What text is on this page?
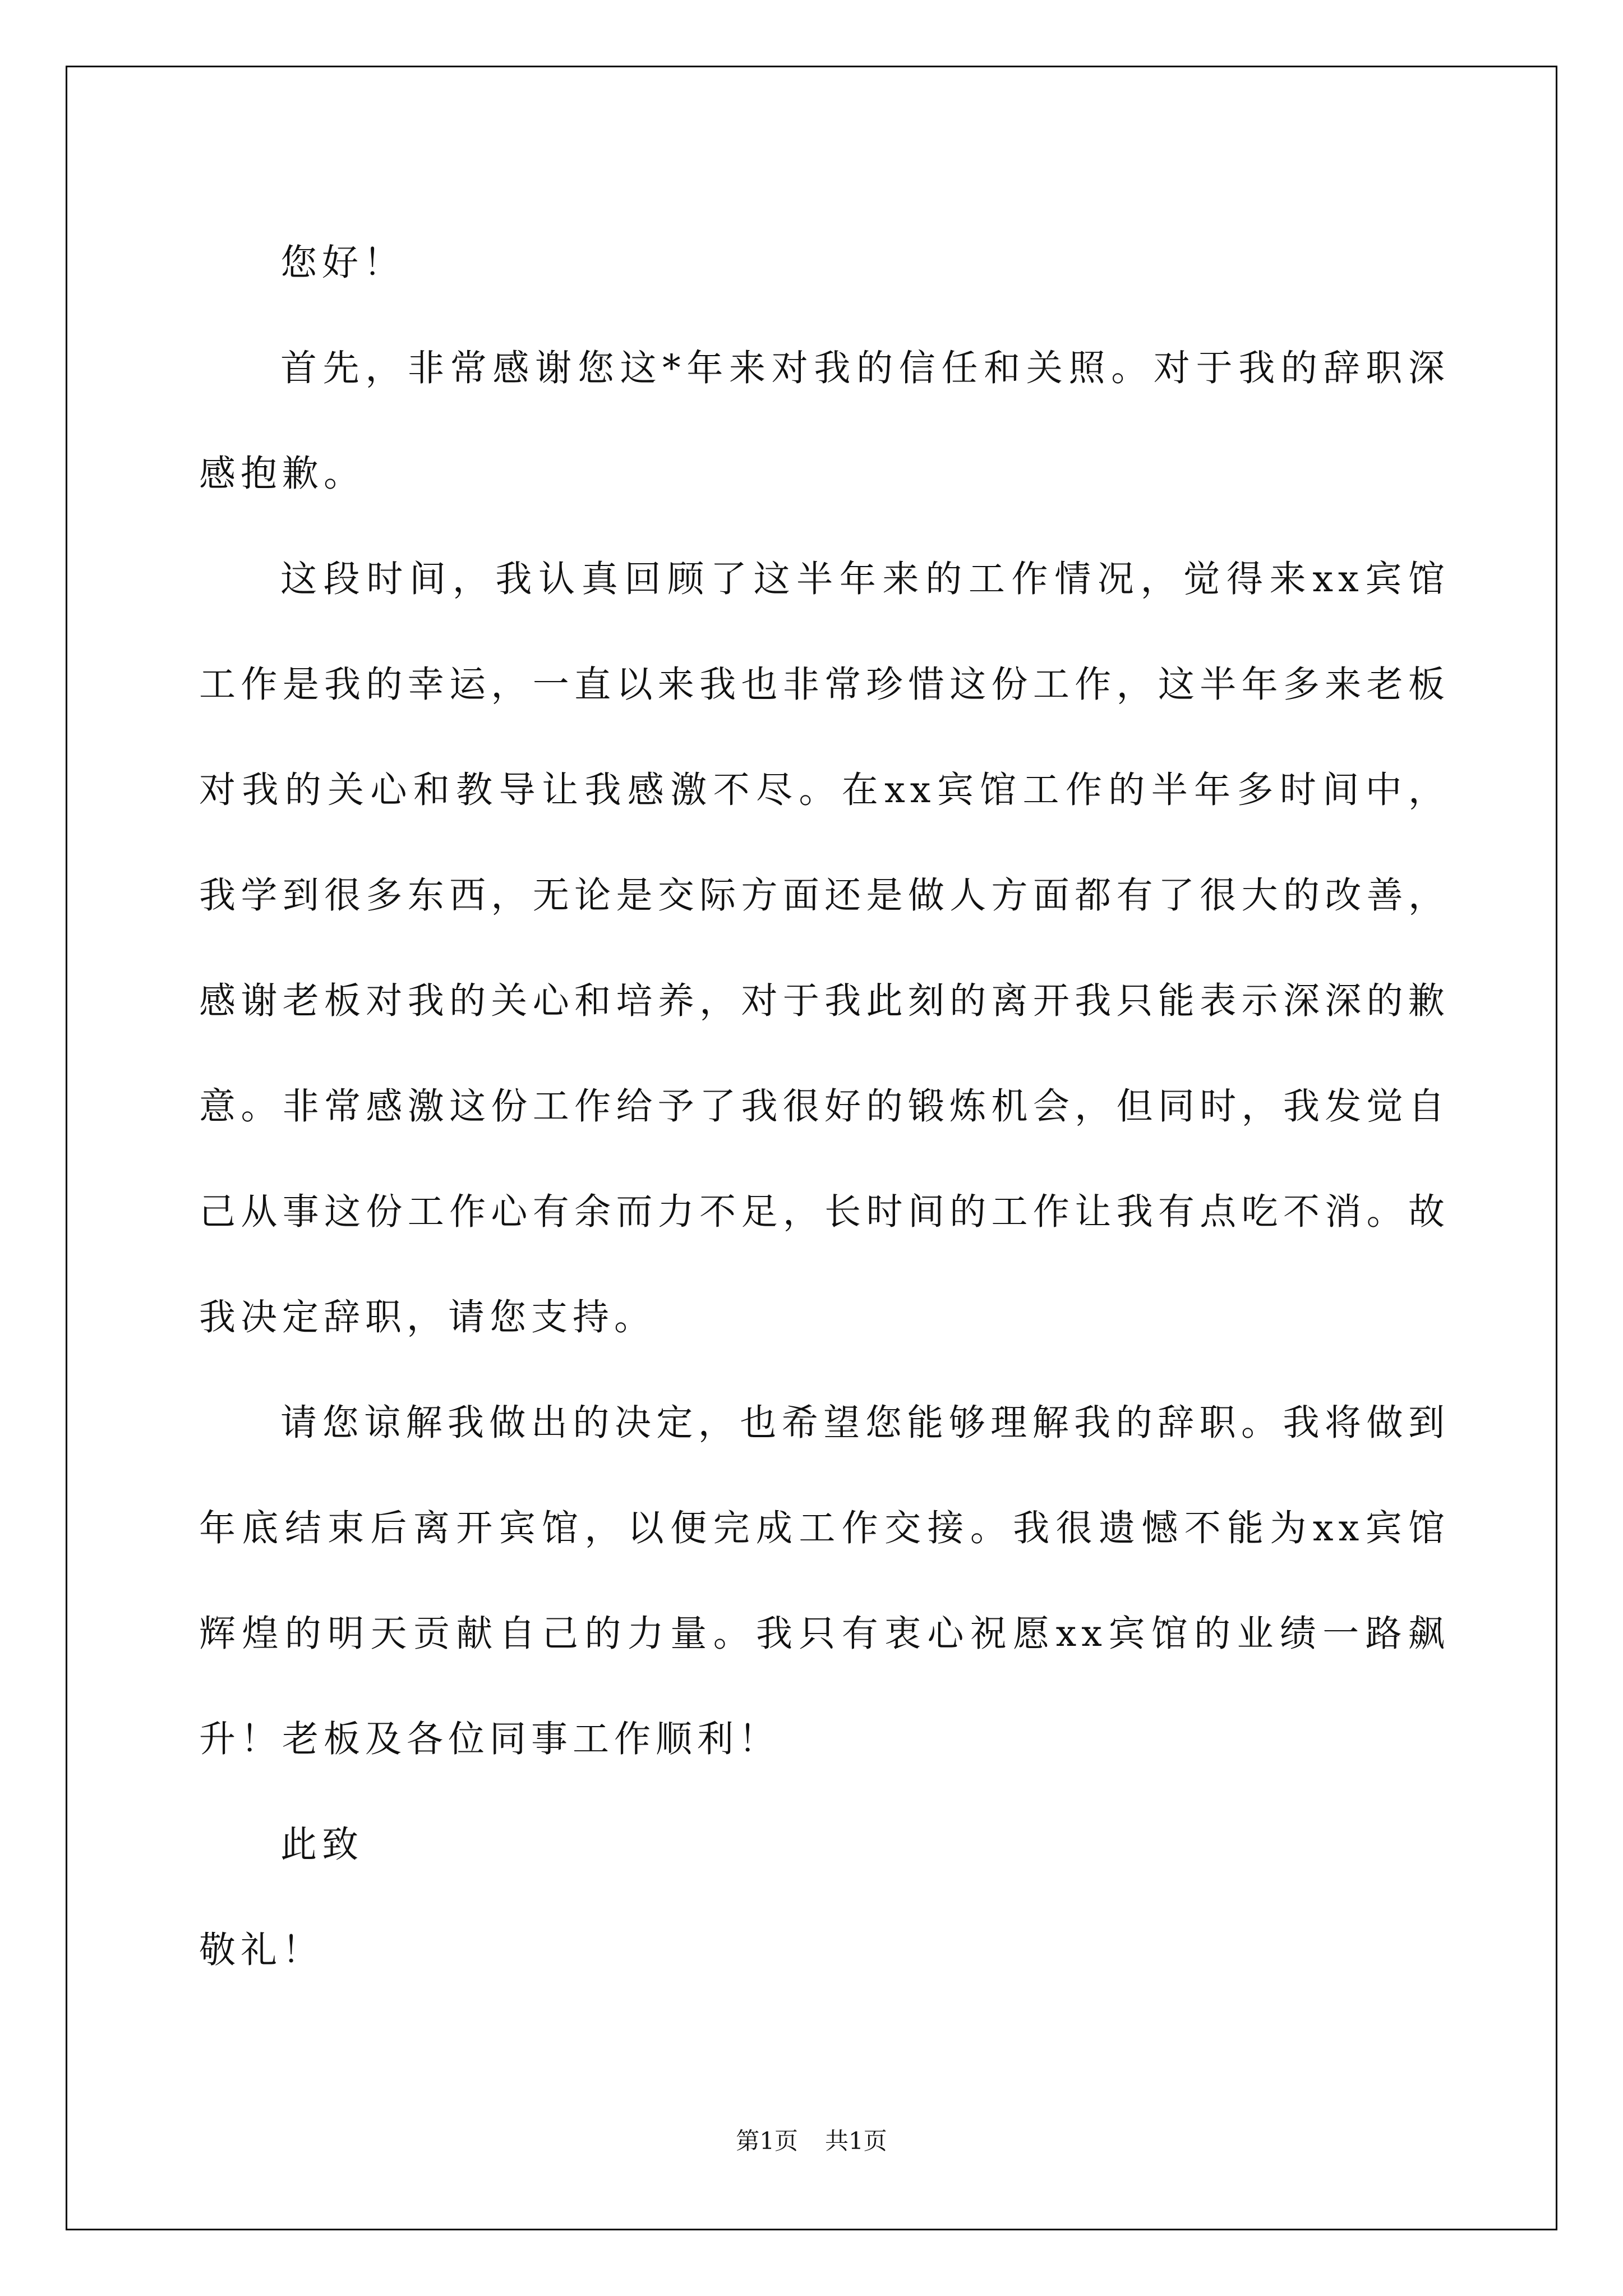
您好！

首先，非常感谢您这*年来对我的信任和关照。对于我的辞职深感抱歉。

这段时间，我认真回顾了这半年来的工作情况，觉得来xx宾馆工作是我的幸运，一直以来我也非常珍惜这份工作，这半年多来老板对我的关心和教导让我感激不尽。在xx宾馆工作的半年多时间中，我学到很多东西，无论是交际方面还是做人方面都有了很大的改善，感谢老板对我的关心和培养，对于我此刻的离开我只能表示深深的歉意。非常感激这份工作给予了我很好的锻炼机会，但同时，我发觉自己从事这份工作心有余而力不足，长时间的工作让我有点吃不消。故我决定辞职，请您支持。

请您谅解我做出的决定，也希望您能够理解我的辞职。我将做到年底结束后离开宾馆，以便完成工作交接。我很遗憾不能为xx宾馆辉煌的明天贡献自己的力量。我只有衷心祝愿xx宾馆的业绩一路飙升！老板及各位同事工作顺利！

此致

敬礼！

第1页 共1页
